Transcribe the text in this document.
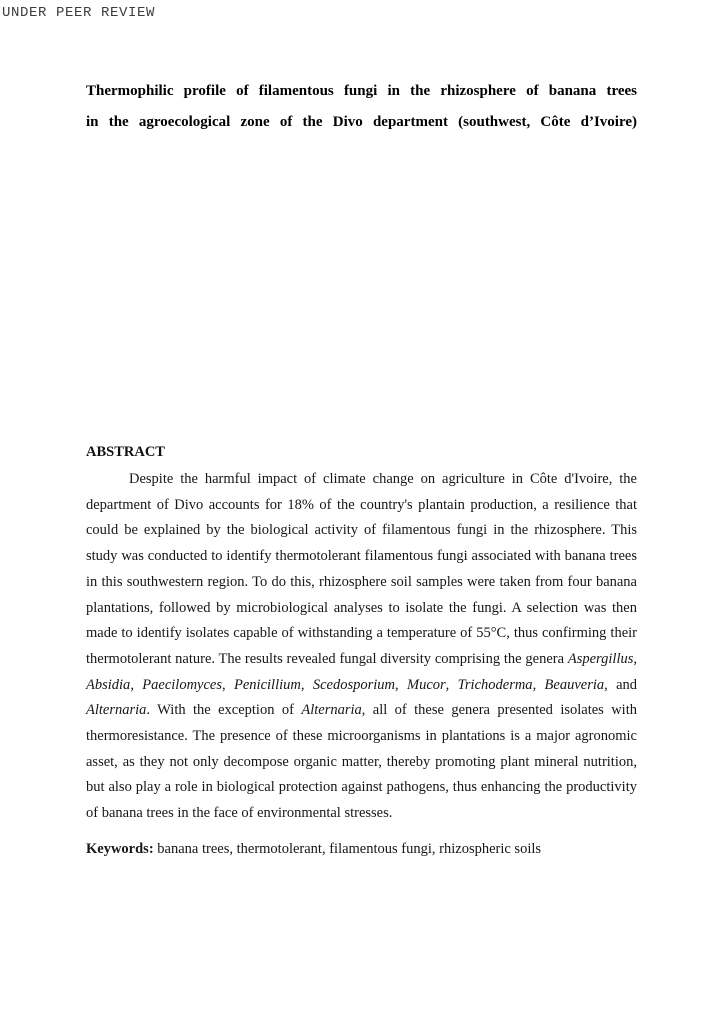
UNDER PEER REVIEW
Thermophilic profile of filamentous fungi in the rhizosphere of banana trees
in the agroecological zone of the Divo department (southwest, Côte d’Ivoire)
ABSTRACT

Despite the harmful impact of climate change on agriculture in Côte d'Ivoire, the department of Divo accounts for 18% of the country's plantain production, a resilience that could be explained by the biological activity of filamentous fungi in the rhizosphere. This study was conducted to identify thermotolerant filamentous fungi associated with banana trees in this southwestern region. To do this, rhizosphere soil samples were taken from four banana plantations, followed by microbiological analyses to isolate the fungi. A selection was then made to identify isolates capable of withstanding a temperature of 55°C, thus confirming their thermotolerant nature. The results revealed fungal diversity comprising the genera Aspergillus, Absidia, Paecilomyces, Penicillium, Scedosporium, Mucor, Trichoderma, Beauveria, and Alternaria. With the exception of Alternaria, all of these genera presented isolates with thermoresistance. The presence of these microorganisms in plantations is a major agronomic asset, as they not only decompose organic matter, thereby promoting plant mineral nutrition, but also play a role in biological protection against pathogens, thus enhancing the productivity of banana trees in the face of environmental stresses.

Keywords: banana trees, thermotolerant, filamentous fungi, rhizospheric soils
